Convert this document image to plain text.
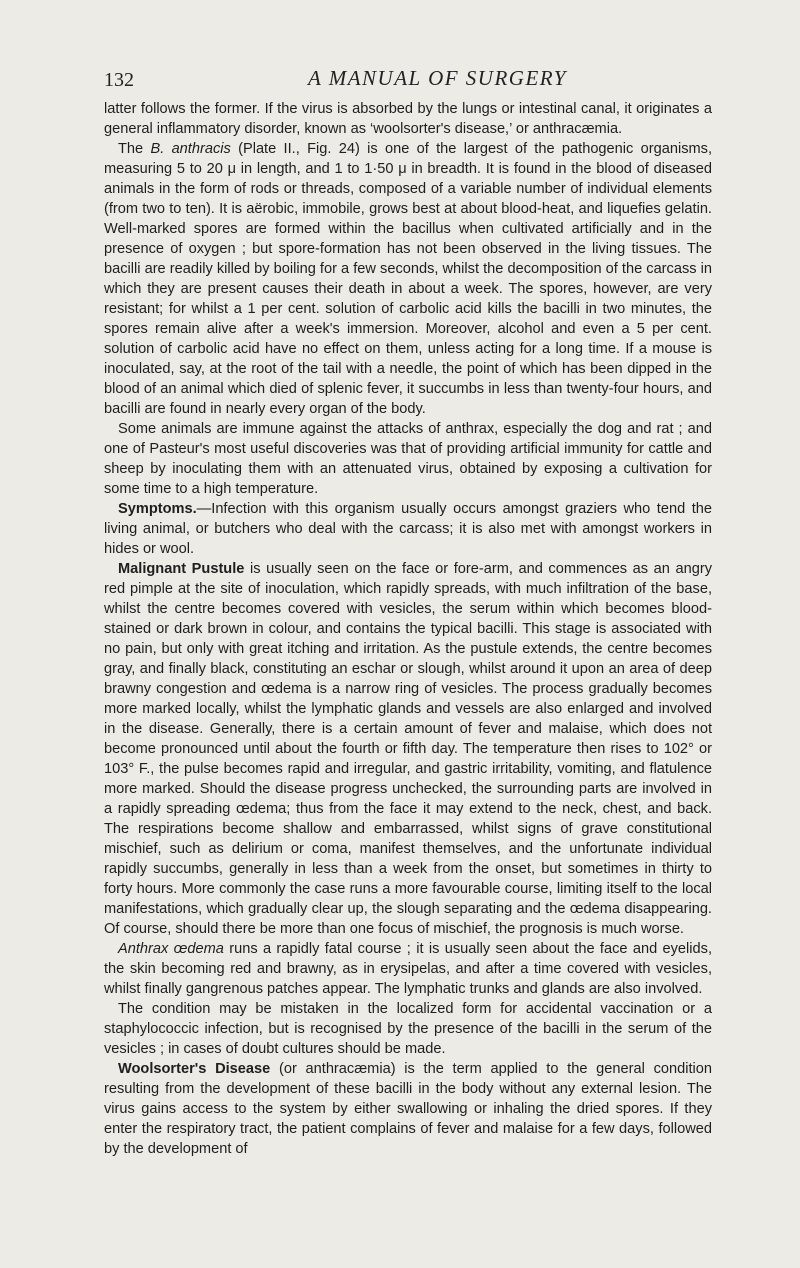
132	A MANUAL OF SURGERY

latter follows the former. If the virus is absorbed by the lungs or intestinal canal, it originates a general inflammatory disorder, known as ‘woolsorter's disease,’ or anthracæmia.

The B. anthracis (Plate II., Fig. 24) is one of the largest of the pathogenic organisms, measuring 5 to 20 μ in length, and 1 to 1·50 μ in breadth. It is found in the blood of diseased animals in the form of rods or threads, composed of a variable number of individual elements (from two to ten). It is aërobic, immobile, grows best at about blood-heat, and liquefies gelatin. Well-marked spores are formed within the bacillus when cultivated artificially and in the presence of oxygen ; but spore-formation has not been observed in the living tissues. The bacilli are readily killed by boiling for a few seconds, whilst the decomposition of the carcass in which they are present causes their death in about a week. The spores, however, are very resistant; for whilst a 1 per cent. solution of carbolic acid kills the bacilli in two minutes, the spores remain alive after a week's immersion. Moreover, alcohol and even a 5 per cent. solution of carbolic acid have no effect on them, unless acting for a long time. If a mouse is inoculated, say, at the root of the tail with a needle, the point of which has been dipped in the blood of an animal which died of splenic fever, it succumbs in less than twenty-four hours, and bacilli are found in nearly every organ of the body.

Some animals are immune against the attacks of anthrax, especially the dog and rat ; and one of Pasteur's most useful discoveries was that of providing artificial immunity for cattle and sheep by inoculating them with an attenuated virus, obtained by exposing a cultivation for some time to a high temperature.

Symptoms.—Infection with this organism usually occurs amongst graziers who tend the living animal, or butchers who deal with the carcass; it is also met with amongst workers in hides or wool.

Malignant Pustule is usually seen on the face or fore-arm, and commences as an angry red pimple at the site of inoculation, which rapidly spreads, with much infiltration of the base, whilst the centre becomes covered with vesicles, the serum within which becomes blood-stained or dark brown in colour, and contains the typical bacilli. This stage is associated with no pain, but only with great itching and irritation. As the pustule extends, the centre becomes gray, and finally black, constituting an eschar or slough, whilst around it upon an area of deep brawny congestion and œdema is a narrow ring of vesicles. The process gradually becomes more marked locally, whilst the lymphatic glands and vessels are also enlarged and involved in the disease. Generally, there is a certain amount of fever and malaise, which does not become pronounced until about the fourth or fifth day. The temperature then rises to 102° or 103° F., the pulse becomes rapid and irregular, and gastric irritability, vomiting, and flatulence more marked. Should the disease progress unchecked, the surrounding parts are involved in a rapidly spreading œdema; thus from the face it may extend to the neck, chest, and back. The respirations become shallow and embarrassed, whilst signs of grave constitutional mischief, such as delirium or coma, manifest themselves, and the unfortunate individual rapidly succumbs, generally in less than a week from the onset, but sometimes in thirty to forty hours. More commonly the case runs a more favourable course, limiting itself to the local manifestations, which gradually clear up, the slough separating and the œdema disappearing. Of course, should there be more than one focus of mischief, the prognosis is much worse.

Anthrax œdema runs a rapidly fatal course ; it is usually seen about the face and eyelids, the skin becoming red and brawny, as in erysipelas, and after a time covered with vesicles, whilst finally gangrenous patches appear. The lymphatic trunks and glands are also involved.

The condition may be mistaken in the localized form for accidental vaccination or a staphylococcic infection, but is recognised by the presence of the bacilli in the serum of the vesicles ; in cases of doubt cultures should be made.

Woolsorter's Disease (or anthracæmia) is the term applied to the general condition resulting from the development of these bacilli in the body without any external lesion. The virus gains access to the system by either swallowing or inhaling the dried spores. If they enter the respiratory tract, the patient complains of fever and malaise for a few days, followed by the development of
